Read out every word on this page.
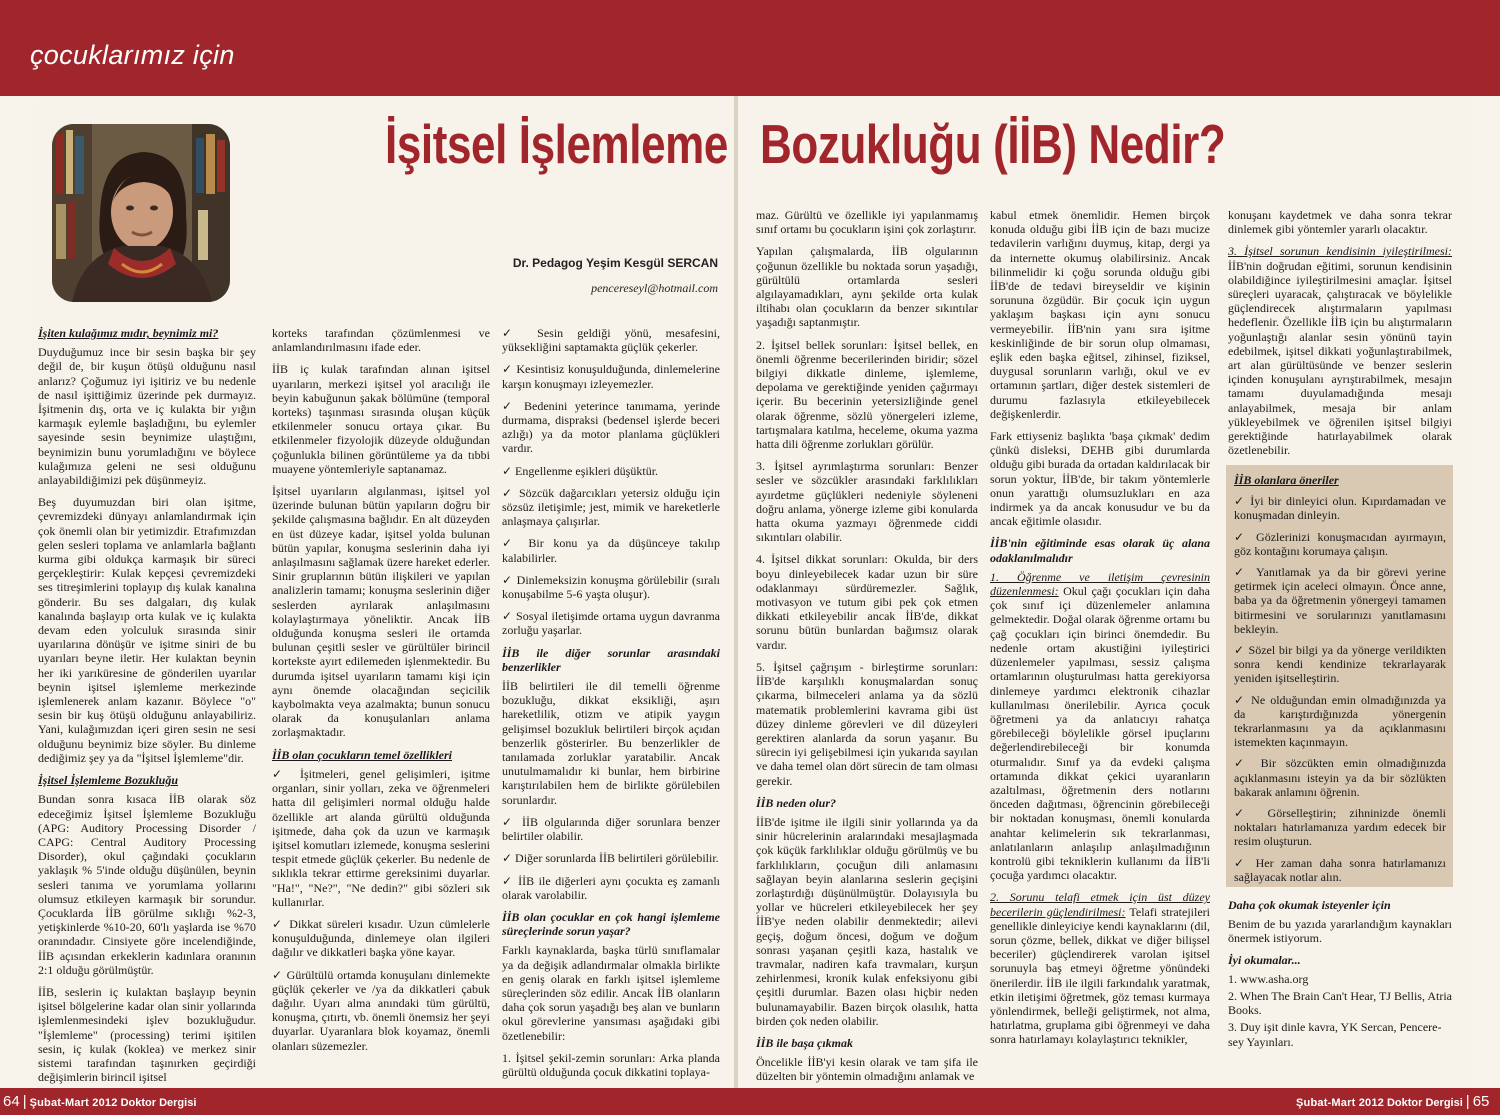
çocuklarımız için
64 | Şubat-Mart 2012 Doktor Dergisi	Şubat-Mart 2012 Doktor Dergisi | 65
İşitsel İşlemleme Bozukluğu (İİB) Nedir?
Dr. Pedagog Yeşim Kesgül SERCAN
pencereseyl@hotmail.com

İşiten kulağımız mıdır, beynimiz mi?

Duyduğumuz ince bir sesin başka bir şey değil de, bir kuşun ötüşü olduğunu nasıl anlarız? Çoğumuz iyi işitiriz ve bu nedenle de nasıl işittiğimiz üzerinde pek durmayız. İşitmenin dış, orta ve iç kulakta bir yığın karmaşık eylemle başladığını, bu eylemler sayesinde sesin beynimize ulaştığını, beynimizin bunu yorumladığını ve böylece kulağımıza geleni ne sesi olduğunu anlayabildiğimizi pek düşünmeyiz.

Beş duyumuzdan biri olan işitme, çevremizdeki dünyayı anlamlandırmak için çok önemli olan bir yetimizdir. Etrafımızdan gelen sesleri toplama ve anlamlarla bağlantı kurma gibi oldukça karmaşık bir süreci gerçekleştirir: Kulak kepçesi çevremizdeki ses titreşimlerini toplayıp dış kulak kanalına gönderir. Bu ses dalgaları, dış kulak kanalında başlayıp orta kulak ve iç kulakta devam eden yolculuk sırasında sinir uyarılarına dönüşür ve işitme siniri de bu uyarıları beyne iletir. Her kulaktan beynin her iki yarıküresine de gönderilen uyarılar beynin işitsel işlemleme merkezinde işlemlenerek anlam kazanır. Böylece "o" sesin bir kuş ötüşü olduğunu anlayabiliriz. Yani, kulağımızdan içeri giren sesin ne sesi olduğunu beynimiz bize söyler. Bu dinleme dediğimiz şey ya da "İşitsel İşlemleme"dir.

İşitsel İşlemleme Bozukluğu

Bundan sonra kısaca İİB olarak söz edeceğimiz İşitsel İşlemleme Bozukluğu (APG: Auditory Processing Disorder / CAPG: Central Auditory Processing Disorder), okul çağındaki çocukların yaklaşık % 5'inde olduğu düşünülen, beynin sesleri tanıma ve yorumlama yollarını olumsuz etkileyen karmaşık bir sorundur. Çocuklarda İİB görülme sıklığı %2-3, yetişkinlerde %10-20, 60'lı yaşlarda ise %70 oranındadır. Cinsiyete göre incelendiğinde, İİB açısından erkeklerin kadınlara oranının 2:1 olduğu görülmüştür.

İİB, seslerin iç kulaktan başlayıp beynin işitsel bölgelerine kadar olan sinir yollarında işlemlenmesindeki işlev bozukluğudur. "İşlemleme" (processing) terimi işitilen sesin, iç kulak (koklea) ve merkez sinir sistemi tarafından taşınırken geçirdiği değişimlerin birincil işitsel

korteks tarafından çözümlenmesi ve anlamlandırılmasını ifade eder.

İİB iç kulak tarafından alınan işitsel uyarıların, merkezi işitsel yol aracılığı ile beyin kabuğunun şakak bölümüne (temporal korteks) taşınması sırasında oluşan küçük etkilenmeler sonucu ortaya çıkar. Bu etkilenmeler fizyolojik düzeyde olduğundan çoğunlukla bilinen görüntüleme ya da tıbbi muayene yöntemleriyle saptanamaz.

İşitsel uyarıların algılanması, işitsel yol üzerinde bulunan bütün yapıların doğru bir şekilde çalışmasına bağlıdır. En alt düzeyden en üst düzeye kadar, işitsel yolda bulunan bütün yapılar, konuşma seslerinin daha iyi anlaşılmasını sağlamak üzere hareket ederler. Sinir gruplarının bütün ilişkileri ve yapılan analizlerin tamamı; konuşma seslerinin diğer seslerden ayrılarak anlaşılmasını kolaylaştırmaya yöneliktir. Ancak İİB olduğunda konuşma sesleri ile ortamda bulunan çeşitli sesler ve gürültüler birincil kortekste ayırt edilemeden işlenmektedir. Bu durumda işitsel uyarıların tamamı kişi için aynı önemde olacağından seçicilik kaybolmakta veya azalmakta; bunun sonucu olarak da konuşulanları anlama zorlaşmaktadır.

İİB olan çocukların temel özellikleri

✓ İşitmeleri, genel gelişimleri, işitme organları, sinir yolları, zeka ve öğrenmeleri hatta dil gelişimleri normal olduğu halde özellikle art alanda gürültü olduğunda işitmede, daha çok da uzun ve karmaşık işitsel komutları izlemede, konuşma seslerini tespit etmede güçlük çekerler. Bu nedenle de sıklıkla tekrar ettirme gereksinimi duyarlar. "Ha!", "Ne?", "Ne dedin?" gibi sözleri sık kullanırlar.

✓ Dikkat süreleri kısadır. Uzun cümlelerle konuşulduğunda, dinlemeye olan ilgileri dağılır ve dikkatleri başka yöne kayar.

✓ Gürültülü ortamda konuşulanı dinlemekte güçlük çekerler ve /ya da dikkatleri çabuk dağılır. Uyarı alma anındaki tüm gürültü, konuşma, çıtırtı, vb. önemli önemsiz her şeyi duyarlar. Uyaranlara blok koyamaz, önemli olanları süzemezler.

✓ Sesin geldiği yönü, mesafesini, yüksekliğini saptamakta güçlük çekerler.

✓ Kesintisiz konuşulduğunda, dinlemelerine karşın konuşmayı izleyemezler.

✓ Bedenini yeterince tanımama, yerinde durmama, dispraksi (bedensel işlerde beceri azlığı) ya da motor planlama güçlükleri vardır.

✓ Engellenme eşikleri düşüktür.

✓ Sözcük dağarcıkları yetersiz olduğu için sözsüz iletişimle; jest, mimik ve hareketlerle anlaşmaya çalışırlar.

✓ Bir konu ya da düşünceye takılıp kalabilirler.

✓ Dinlemeksizin konuşma görülebilir (sıralı konuşabilme 5-6 yaşta oluşur).

✓ Sosyal iletişimde ortama uygun davranma zorluğu yaşarlar.

İİB ile diğer sorunlar arasındaki benzerlikler

İİB belirtileri ile dil temelli öğrenme bozukluğu, dikkat eksikliği, aşırı hareketlilik, otizm ve atipik yaygın gelişimsel bozukluk belirtileri birçok açıdan benzerlik gösterirler. Bu benzerlikler de tanılamada zorluklar yaratabilir. Ancak unutulmamalıdır ki bunlar, hem birbirine karıştırılabilen hem de birlikte görülebilen sorunlardır.

✓ İİB olgularında diğer sorunlara benzer belirtiler olabilir.

✓ Diğer sorunlarda İİB belirtileri görülebilir.

✓ İİB ile diğerleri aynı çocukta eş zamanlı olarak varolabilir.

İİB olan çocuklar en çok hangi işlemleme süreçlerinde sorun yaşar?

Farklı kaynaklarda, başka türlü sınıflamalar ya da değişik adlandırmalar olmakla birlikte en geniş olarak en farklı işitsel işlemleme süreçlerinden söz edilir. Ancak İİB olanların daha çok sorun yaşadığı beş alan ve bunların okul görevlerine yansıması aşağıdaki gibi özetlenebilir:

1. İşitsel şekil-zemin sorunları: Arka planda gürültü olduğunda çocuk dikkatini toplaya-

maz. Gürültü ve özellikle iyi yapılanmamış sınıf ortamı bu çocukların işini çok zorlaştırır.

Yapılan çalışmalarda, İİB olgularının çoğunun özellikle bu noktada sorun yaşadığı, gürültülü ortamlarda sesleri algılayamadıkları, aynı şekilde orta kulak iltihabı olan çocukların da benzer sıkıntılar yaşadığı saptanmıştır.

2. İşitsel bellek sorunları: İşitsel bellek, en önemli öğrenme becerilerinden biridir; sözel bilgiyi dikkatle dinleme, işlemleme, depolama ve gerektiğinde yeniden çağırmayı içerir. Bu becerinin yetersizliğinde genel olarak öğrenme, sözlü yönergeleri izleme, tartışmalara katılma, heceleme, okuma yazma hatta dili öğrenme zorlukları görülür.

3. İşitsel ayrımlaştırma sorunları: Benzer sesler ve sözcükler arasındaki farklılıkları ayırdetme güçlükleri nedeniyle söyleneni doğru anlama, yönerge izleme gibi konularda hatta okuma yazmayı öğrenmede ciddi sıkıntıları olabilir.

4. İşitsel dikkat sorunları: Okulda, bir ders boyu dinleyebilecek kadar uzun bir süre odaklanmayı sürdüremezler. Sağlık, motivasyon ve tutum gibi pek çok etmen dikkati etkileyebilir ancak İİB'de, dikkat sorunu bütün bunlardan bağımsız olarak vardır.

5. İşitsel çağrışım - birleştirme sorunları: İİB'de karşılıklı konuşmalardan sonuç çıkarma, bilmeceleri anlama ya da sözlü matematik problemlerini kavrama gibi üst düzey dinleme görevleri ve dil düzeyleri gerektiren alanlarda da sorun yaşanır. Bu sürecin iyi gelişebilmesi için yukarıda sayılan ve daha temel olan dört sürecin de tam olması gerekir.

İİB neden olur?

İİB'de işitme ile ilgili sinir yollarında ya da sinir hücrelerinin aralarındaki mesajlaşmada çok küçük farklılıklar olduğu görülmüş ve bu farklılıkların, çocuğun dili anlamasını sağlayan beyin alanlarına seslerin geçişini zorlaştırdığı düşünülmüştür. Dolayısıyla bu yollar ve hücreleri etkileyebilecek her şey İİB'ye neden olabilir denmektedir; ailevi geçiş, doğum öncesi, doğum ve doğum sonrası yaşanan çeşitli kaza, hastalık ve travmalar, nadiren kafa travmaları, kurşun zehirlenmesi, kronik kulak enfeksiyonu gibi çeşitli durumlar. Bazen olası hiçbir neden bulunamayabilir. Bazen birçok olasılık, hatta birden çok neden olabilir.

İİB ile başa çıkmak

Öncelikle İİB'yi kesin olarak ve tam şifa ile düzelten bir yöntemin olmadığını anlamak ve

kabul etmek önemlidir. Hemen birçok konuda olduğu gibi İİB için de bazı mucize tedavilerin varlığını duymuş, kitap, dergi ya da internette okumuş olabilirsiniz. Ancak bilinmelidir ki çoğu sorunda olduğu gibi İİB'de de tedavi bireyseldir ve kişinin sorununa özgüdür. Bir çocuk için uygun yaklaşım başkası için aynı sonucu vermeyebilir. İİB'nin yanı sıra işitme keskinliğinde de bir sorun olup olmaması, eşlik eden başka eğitsel, zihinsel, fiziksel, duygusal sorunların varlığı, okul ve ev ortamının şartları, diğer destek sistemleri de durumu fazlasıyla etkileyebilecek değişkenlerdir.

Fark ettiyseniz başlıkta 'başa çıkmak' dedim çünkü disleksi, DEHB gibi durumlarda olduğu gibi burada da ortadan kaldırılacak bir sorun yoktur, İİB'de, bir takım yöntemlerle onun yarattığı olumsuzlukları en aza indirmek ya da ancak konusudur ve bu da ancak eğitimle olasıdır.

İİB'nin eğitiminde esas olarak üç alana odaklanılmalıdır

1. Öğrenme ve iletişim çevresinin düzenlenmesi: Okul çağı çocukları için daha çok sınıf içi düzenlemeler anlamına gelmektedir. Doğal olarak öğrenme ortamı bu çağ çocukları için birinci önemdedir. Bu nedenle ortam akustiğini iyileştirici düzenlemeler yapılması, sessiz çalışma ortamlarının oluşturulması hatta gerekiyorsa dinlemeye yardımcı elektronik cihazlar kullanılması önerilebilir. Ayrıca çocuk öğretmeni ya da anlatıcıyı rahatça görebileceği böylelikle görsel ipuçlarını değerlendirebileceği bir konumda oturmalıdır. Sınıf ya da evdeki çalışma ortamında dikkat çekici uyaranların azaltılması, öğretmenin ders notlarını önceden dağıtması, öğrencinin görebileceği bir noktadan konuşması, önemli konularda anahtar kelimelerin sık tekrarlanması, anlatılanların anlaşılıp anlaşılmadığının kontrolü gibi tekniklerin kullanımı da İİB'li çocuğa yardımcı olacaktır.

2. Sorunu telafi etmek için üst düzey becerilerin güçlendirilmesi: Telafi stratejileri genellikle dinleyiciye kendi kaynaklarını (dil, sorun çözme, bellek, dikkat ve diğer bilişsel beceriler) güçlendirerek varolan işitsel sorunuyla baş etmeyi öğretme yönündeki önerilerdir. İİB ile ilgili farkındalık yaratmak, etkin iletişimi öğretmek, göz teması kurmaya yönlendirmek, belleği geliştirmek, not alma, hatırlatma, gruplama gibi öğrenmeyi ve daha sonra hatırlamayı kolaylaştırıcı teknikler,

konuşanı kaydetmek ve daha sonra tekrar dinlemek gibi yöntemler yararlı olacaktır.

3. İşitsel sorunun kendisinin iyileştirilmesi: İİB'nin doğrudan eğitimi, sorunun kendisinin olabildiğince iyileştirilmesini amaçlar. İşitsel süreçleri uyaracak, çalıştıracak ve böylelikle güçlendirecek alıştırmaların yapılması hedeflenir. Özellikle İİB için bu alıştırmaların yoğunlaştığı alanlar sesin yönünü tayin edebilmek, işitsel dikkati yoğunlaştırabilmek, art alan gürültüsünde ve benzer seslerin içinden konuşulanı ayrıştırabilmek, mesajın tamamı duyulamadığında mesajı anlayabilmek, mesaja bir anlam yükleyebilmek ve öğrenilen işitsel bilgiyi gerektiğinde hatırlayabilmek olarak özetlenebilir.

İİB olanlara öneriler

✓ İyi bir dinleyici olun. Kıpırdamadan ve konuşmadan dinleyin.

✓ Gözlerinizi konuşmacıdan ayırmayın, göz kontağını korumaya çalışın.

✓ Yanıtlamak ya da bir görevi yerine getirmek için aceleci olmayın. Önce anne, baba ya da öğretmenin yönergeyi tamamen bitirmesini ve sorularınızı yanıtlamasını bekleyin.

✓ Sözel bir bilgi ya da yönerge verildikten sonra kendi kendinize tekrarlayarak yeniden işitselleştirin.

✓ Ne olduğundan emin olmadığınızda ya da karıştırdığınızda yönergenin tekrarlanmasını ya da açıklanmasını istemekten kaçınmayın.

✓ Bir sözcükten emin olmadığınızda açıklanmasını isteyin ya da bir sözlükten bakarak anlamını öğrenin.

✓ Görselleştirin; zihninizde önemli noktaları hatırlamanıza yardım edecek bir resim oluşturun.

✓ Her zaman daha sonra hatırlamanızı sağlayacak notlar alın.

Daha çok okumak isteyenler için

Benim de bu yazıda yararlandığım kaynakları önermek istiyorum.

İyi okumalar...

1. www.asha.org

2. When The Brain Can't Hear, TJ Bellis, Atria Books.

3. Duy işit dinle kavra, YK Sercan, Pencere-sey Yayınları.
